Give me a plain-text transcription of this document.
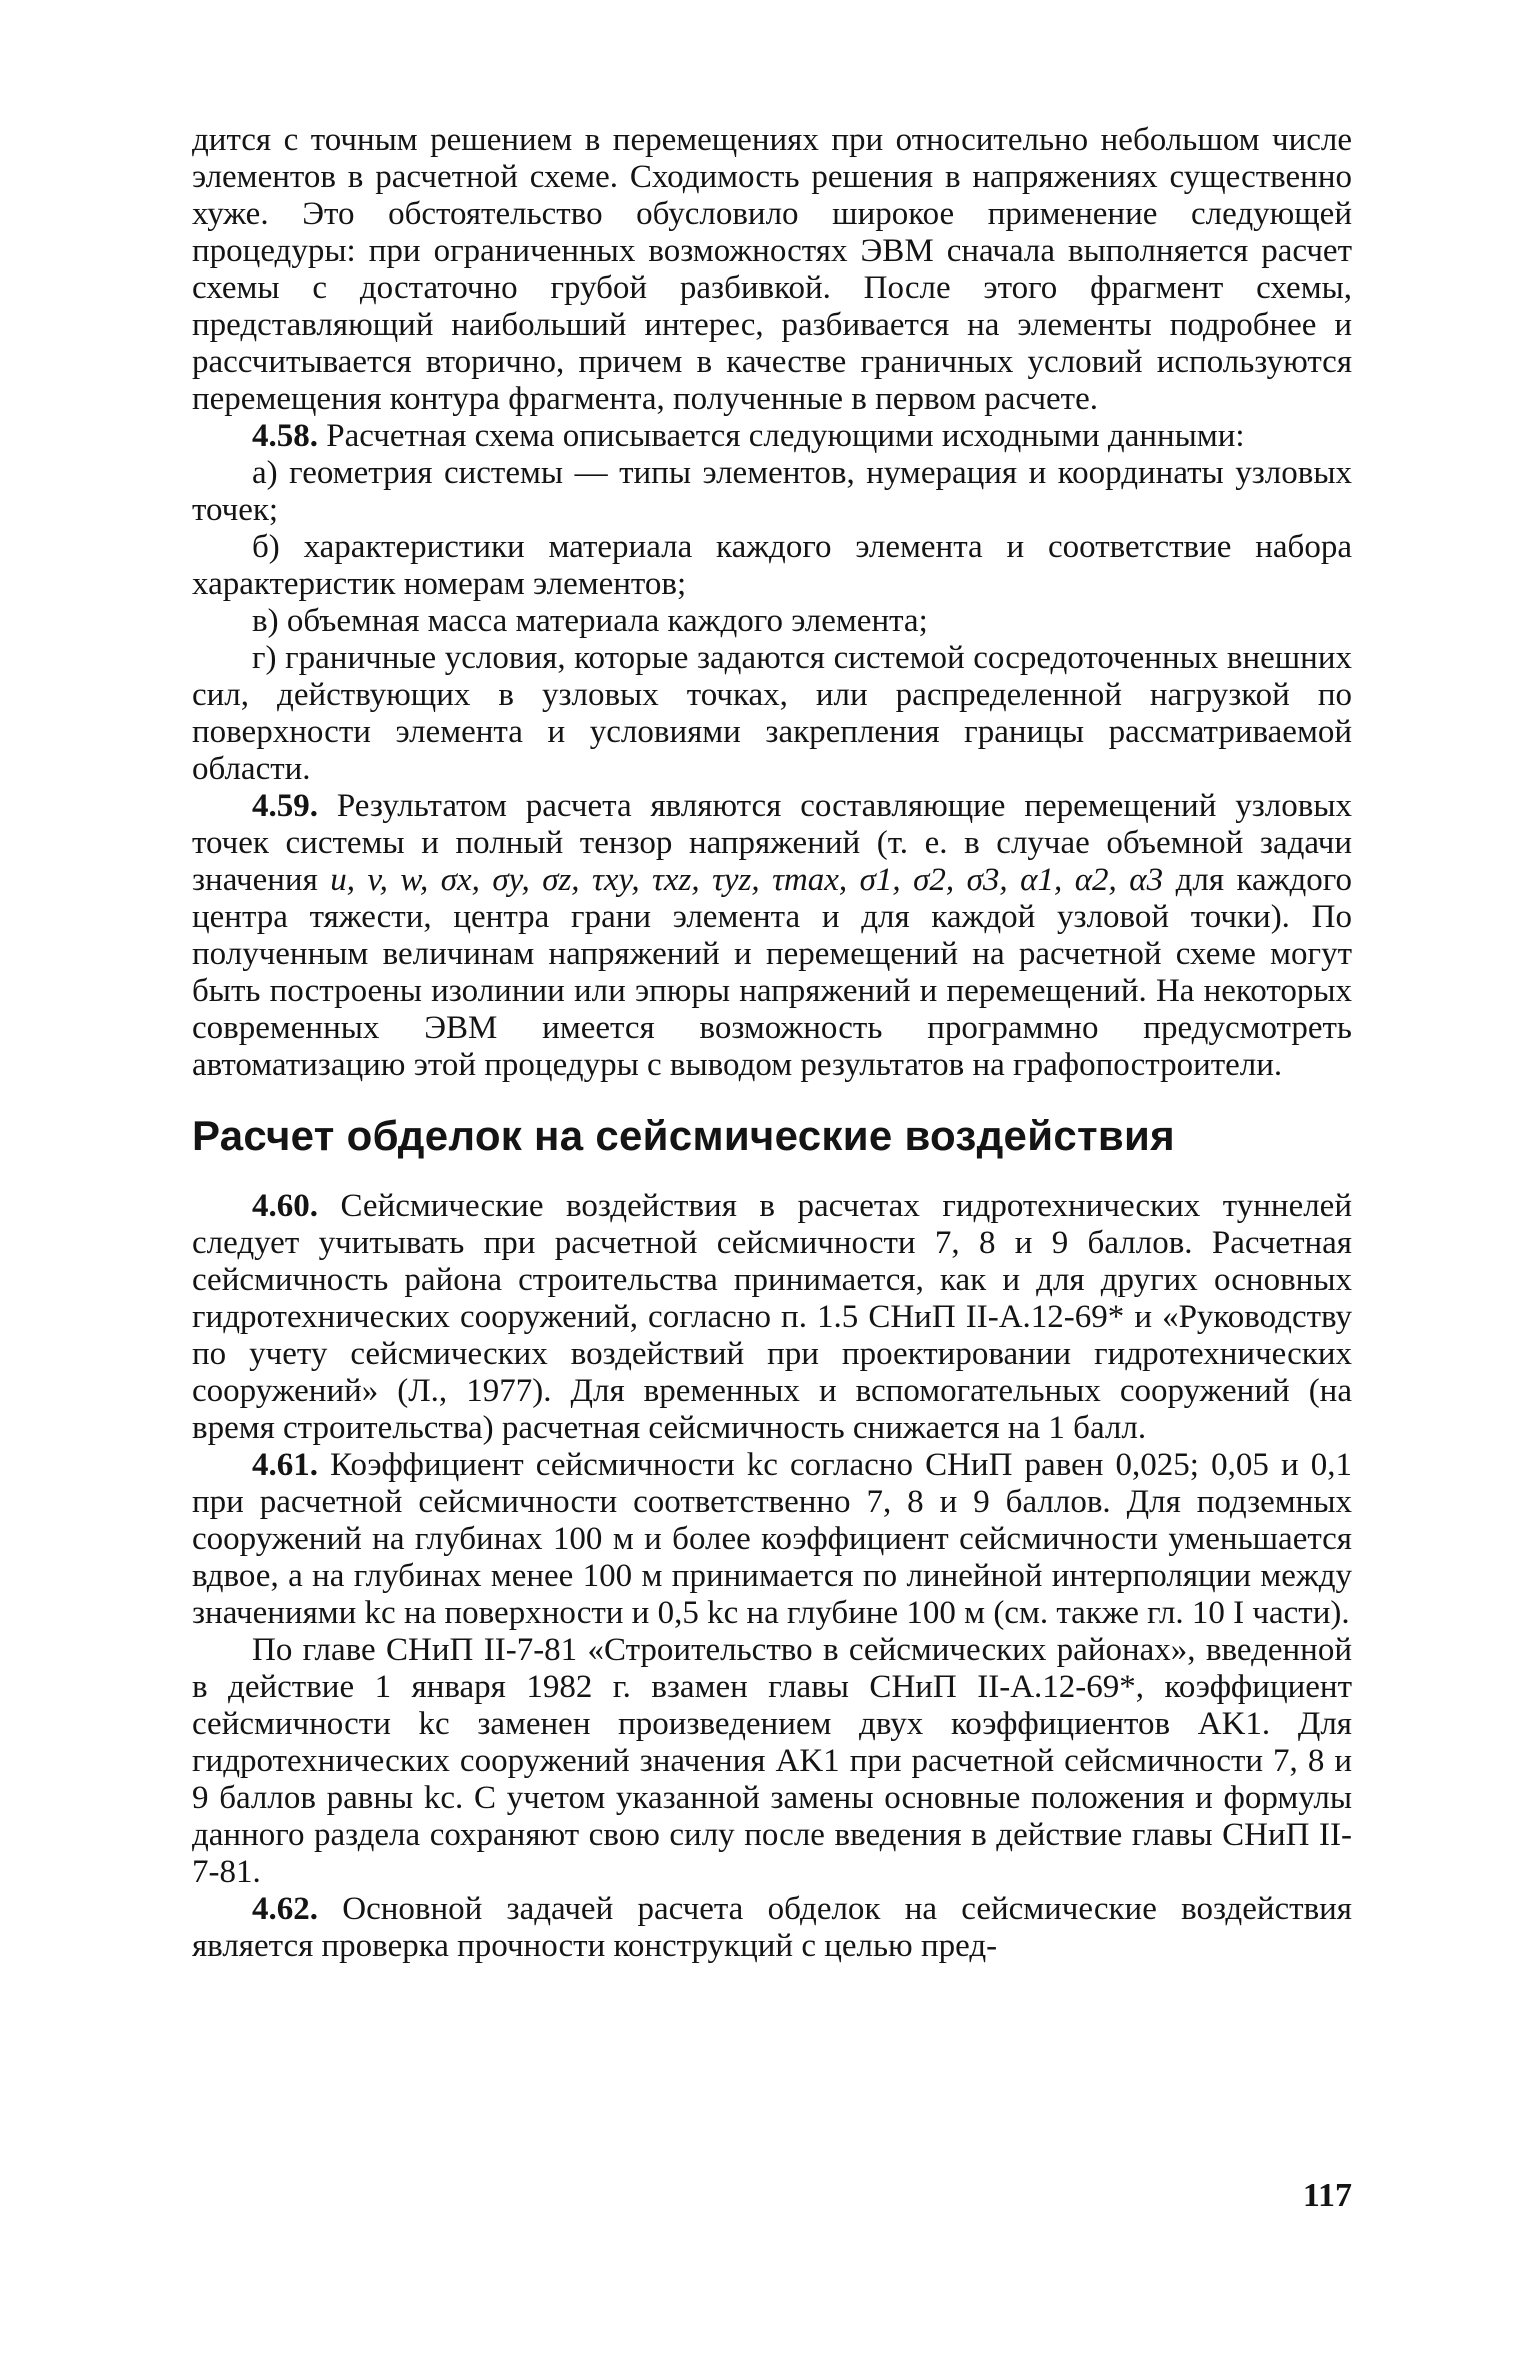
дится с точным решением в перемещениях при относительно небольшом числе элементов в расчетной схеме. Сходимость решения в напряжениях существенно хуже. Это обстоятельство обусловило широкое применение следующей процедуры: при ограниченных возможностях ЭВМ сначала выполняется расчет схемы с достаточно грубой разбивкой. После этого фрагмент схемы, представляющий наибольший интерес, разбивается на элементы подробнее и рассчитывается вторично, причем в качестве граничных условий используются перемещения контура фрагмента, полученные в первом расчете.

4.58. Расчетная схема описывается следующими исходными данными:

а) геометрия системы — типы элементов, нумерация и координаты узловых точек;

б) характеристики материала каждого элемента и соответствие набора характеристик номерам элементов;

в) объемная масса материала каждого элемента;

г) граничные условия, которые задаются системой сосредоточенных внешних сил, действующих в узловых точках, или распределенной нагрузкой по поверхности элемента и условиями закрепления границы рассматриваемой области.

4.59. Результатом расчета являются составляющие перемещений узловых точек системы и полный тензор напряжений (т. е. в случае объемной задачи значения u, v, w, σx, σy, σz, τxy, τxz, τyz, τmax, σ1, σ2, σ3, α1, α2, α3 для каждого центра тяжести, центра грани элемента и для каждой узловой точки). По полученным величинам напряжений и перемещений на расчетной схеме могут быть построены изолинии или эпюры напряжений и перемещений. На некоторых современных ЭВМ имеется возможность программно предусмотреть автоматизацию этой процедуры с выводом результатов на графопостроители.

Расчет обделок на сейсмические воздействия

4.60. Сейсмические воздействия в расчетах гидротехнических туннелей следует учитывать при расчетной сейсмичности 7, 8 и 9 баллов. Расчетная сейсмичность района строительства принимается, как и для других основных гидротехнических сооружений, согласно п. 1.5 СНиП II-А.12-69* и «Руководству по учету сейсмических воздействий при проектировании гидротехнических сооружений» (Л., 1977). Для временных и вспомогательных сооружений (на время строительства) расчетная сейсмичность снижается на 1 балл.

4.61. Коэффициент сейсмичности kс согласно СНиП равен 0,025; 0,05 и 0,1 при расчетной сейсмичности соответственно 7, 8 и 9 баллов. Для подземных сооружений на глубинах 100 м и более коэффициент сейсмичности уменьшается вдвое, а на глубинах менее 100 м принимается по линейной интерполяции между значениями kс на поверхности и 0,5 kс на глубине 100 м (см. также гл. 10 I части).

По главе СНиП II-7-81 «Строительство в сейсмических районах», введенной в действие 1 января 1982 г. взамен главы СНиП II-А.12-69*, коэффициент сейсмичности kс заменен произведением двух коэффициентов AK1. Для гидротехнических сооружений значения AK1 при расчетной сейсмичности 7, 8 и 9 баллов равны kс. С учетом указанной замены основные положения и формулы данного раздела сохраняют свою силу после введения в действие главы СНиП II-7-81.

4.62. Основной задачей расчета обделок на сейсмические воздействия является проверка прочности конструкций с целью пред-

117
